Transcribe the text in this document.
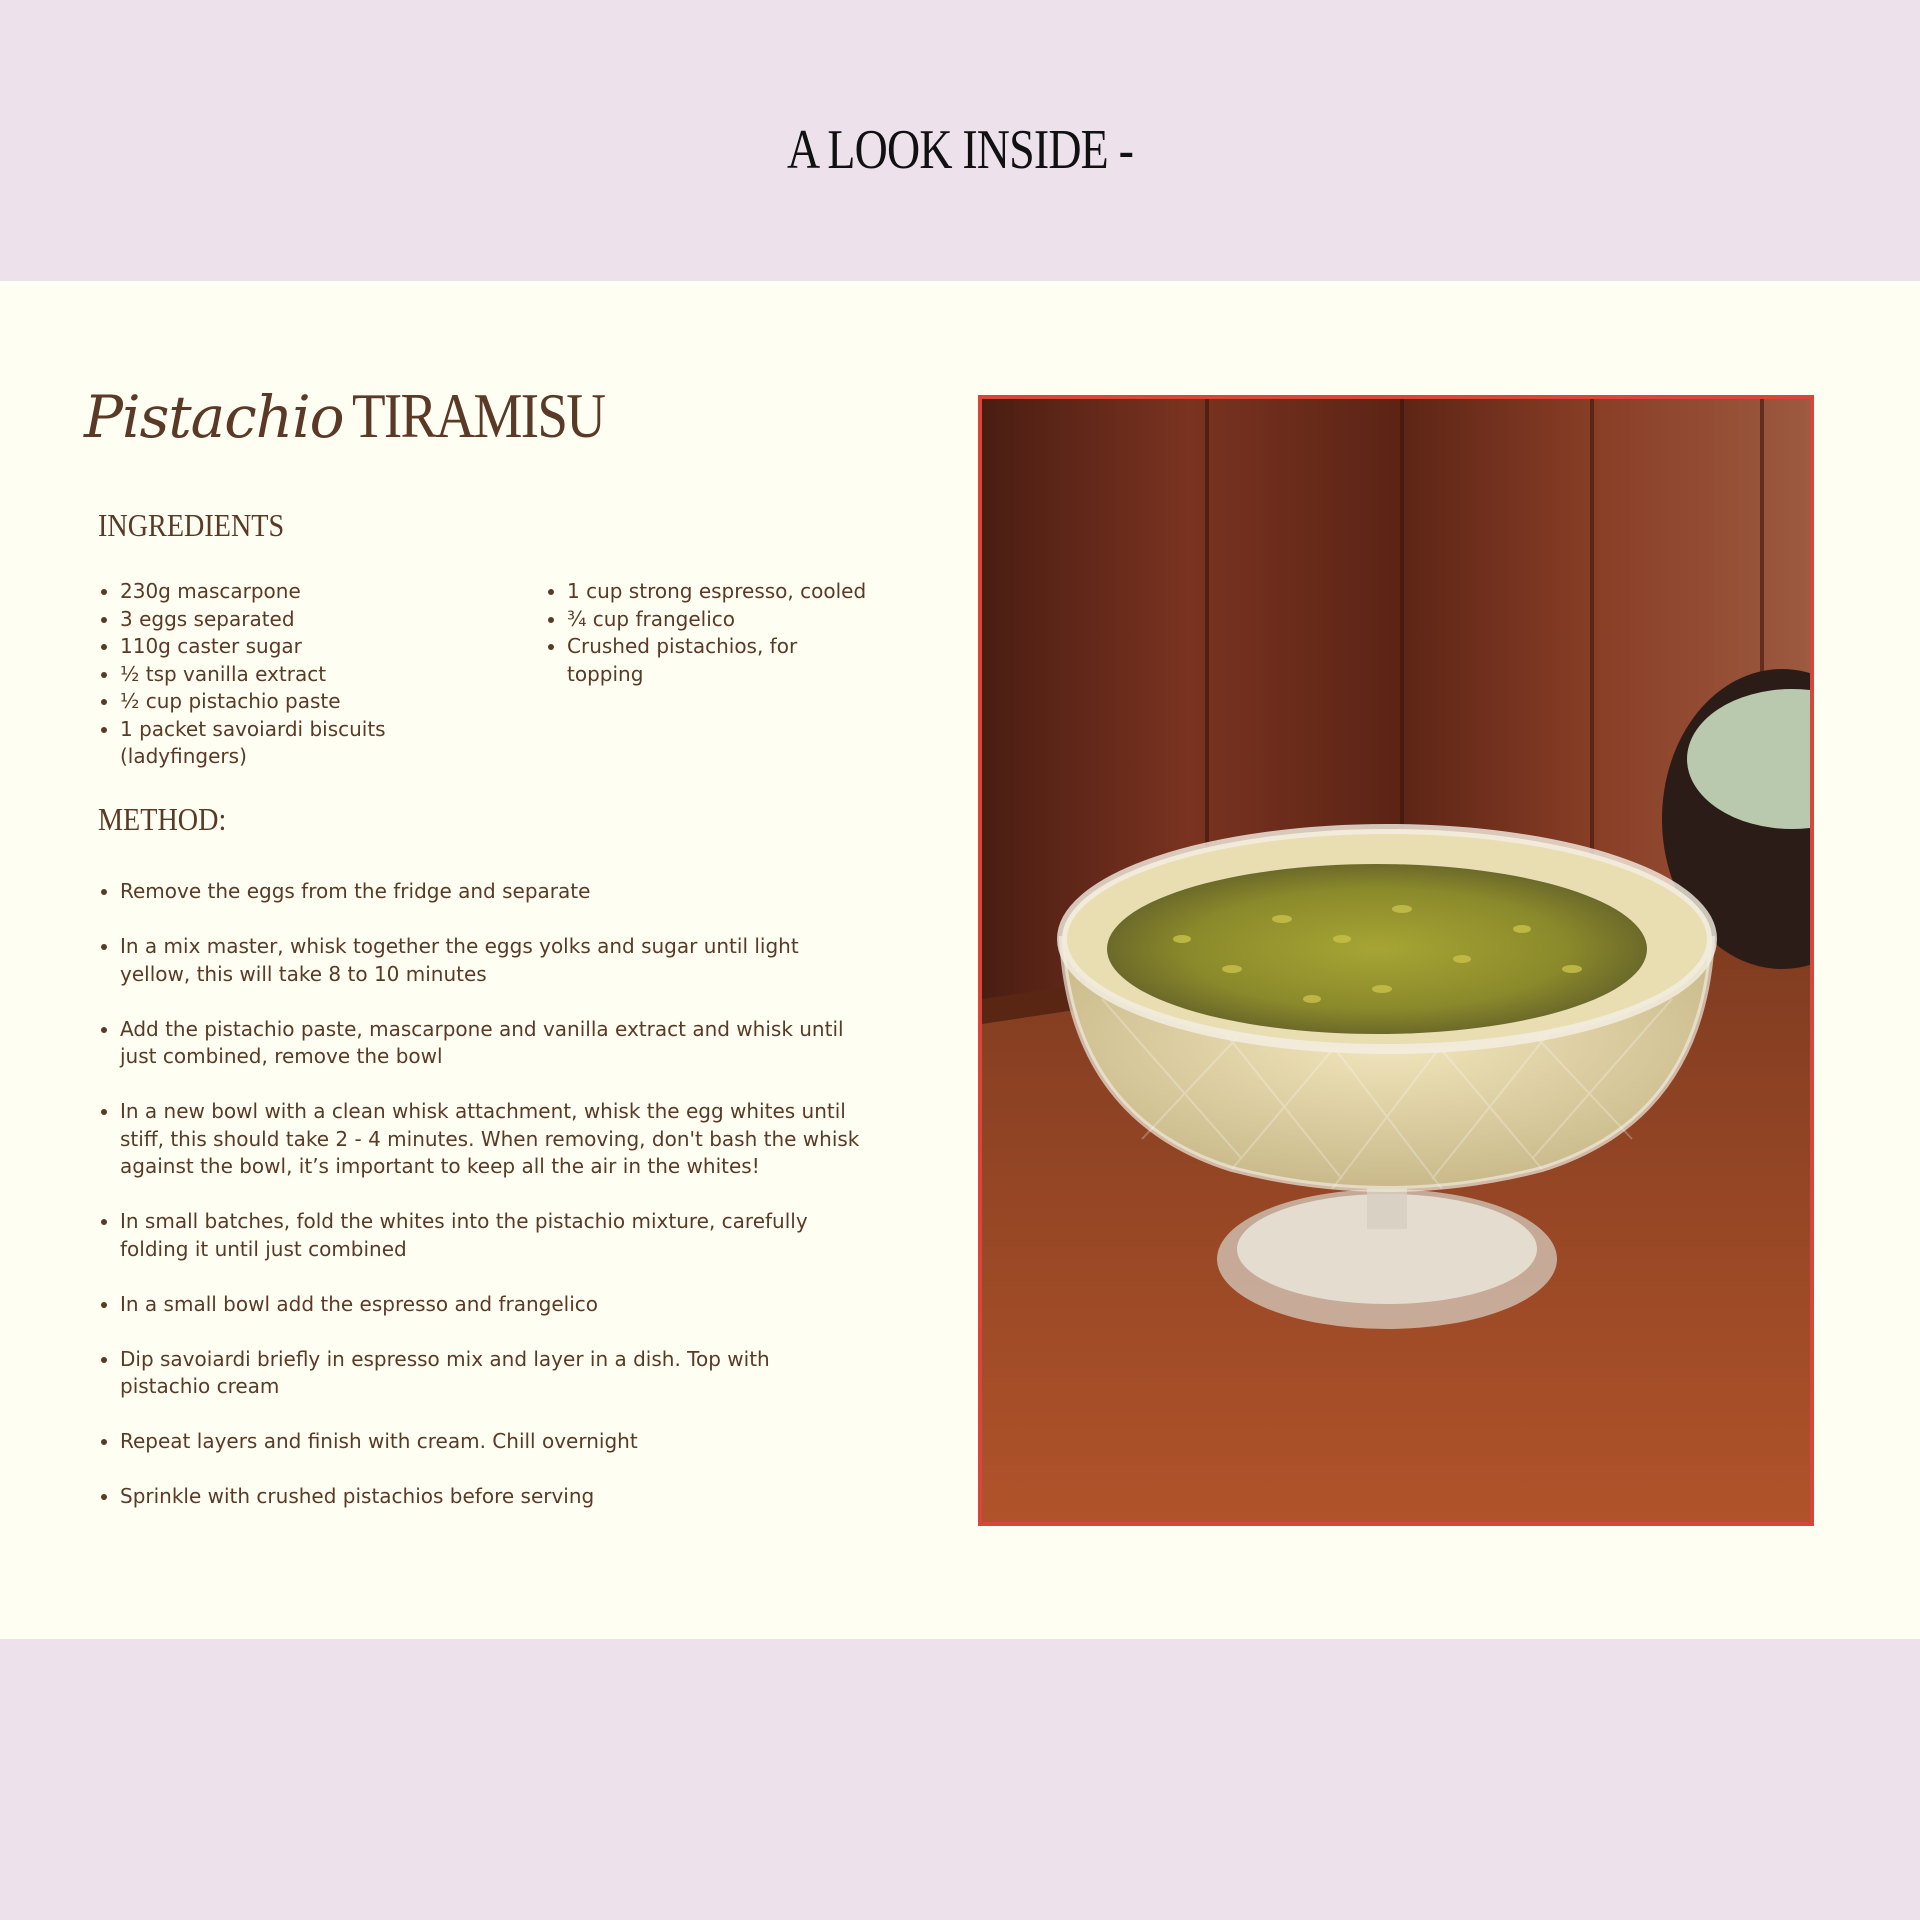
A LOOK INSIDE -
Pistachio TIRAMISU
INGREDIENTS
• 230g mascarpone
• 3 eggs separated
• 110g caster sugar
• ½ tsp vanilla extract
• ½ cup pistachio paste
• 1 packet savoiardi biscuits (ladyfingers)
• 1 cup strong espresso, cooled
• ¾ cup frangelico
• Crushed pistachios, for topping
METHOD:
• Remove the eggs from the fridge and separate
• In a mix master, whisk together the eggs yolks and sugar until light yellow, this will take 8 to 10 minutes
• Add the pistachio paste, mascarpone and vanilla extract and whisk until just combined, remove the bowl
• In a new bowl with a clean whisk attachment, whisk the egg whites until stiff, this should take 2 - 4 minutes. When removing, don't bash the whisk against the bowl, it’s important to keep all the air in the whites!
• In small batches, fold the whites into the pistachio mixture, carefully folding it until just combined
• In a small bowl add the espresso and frangelico
• Dip savoiardi briefly in espresso mix and layer in a dish. Top with pistachio cream
• Repeat layers and finish with cream. Chill overnight
• Sprinkle with crushed pistachios before serving
